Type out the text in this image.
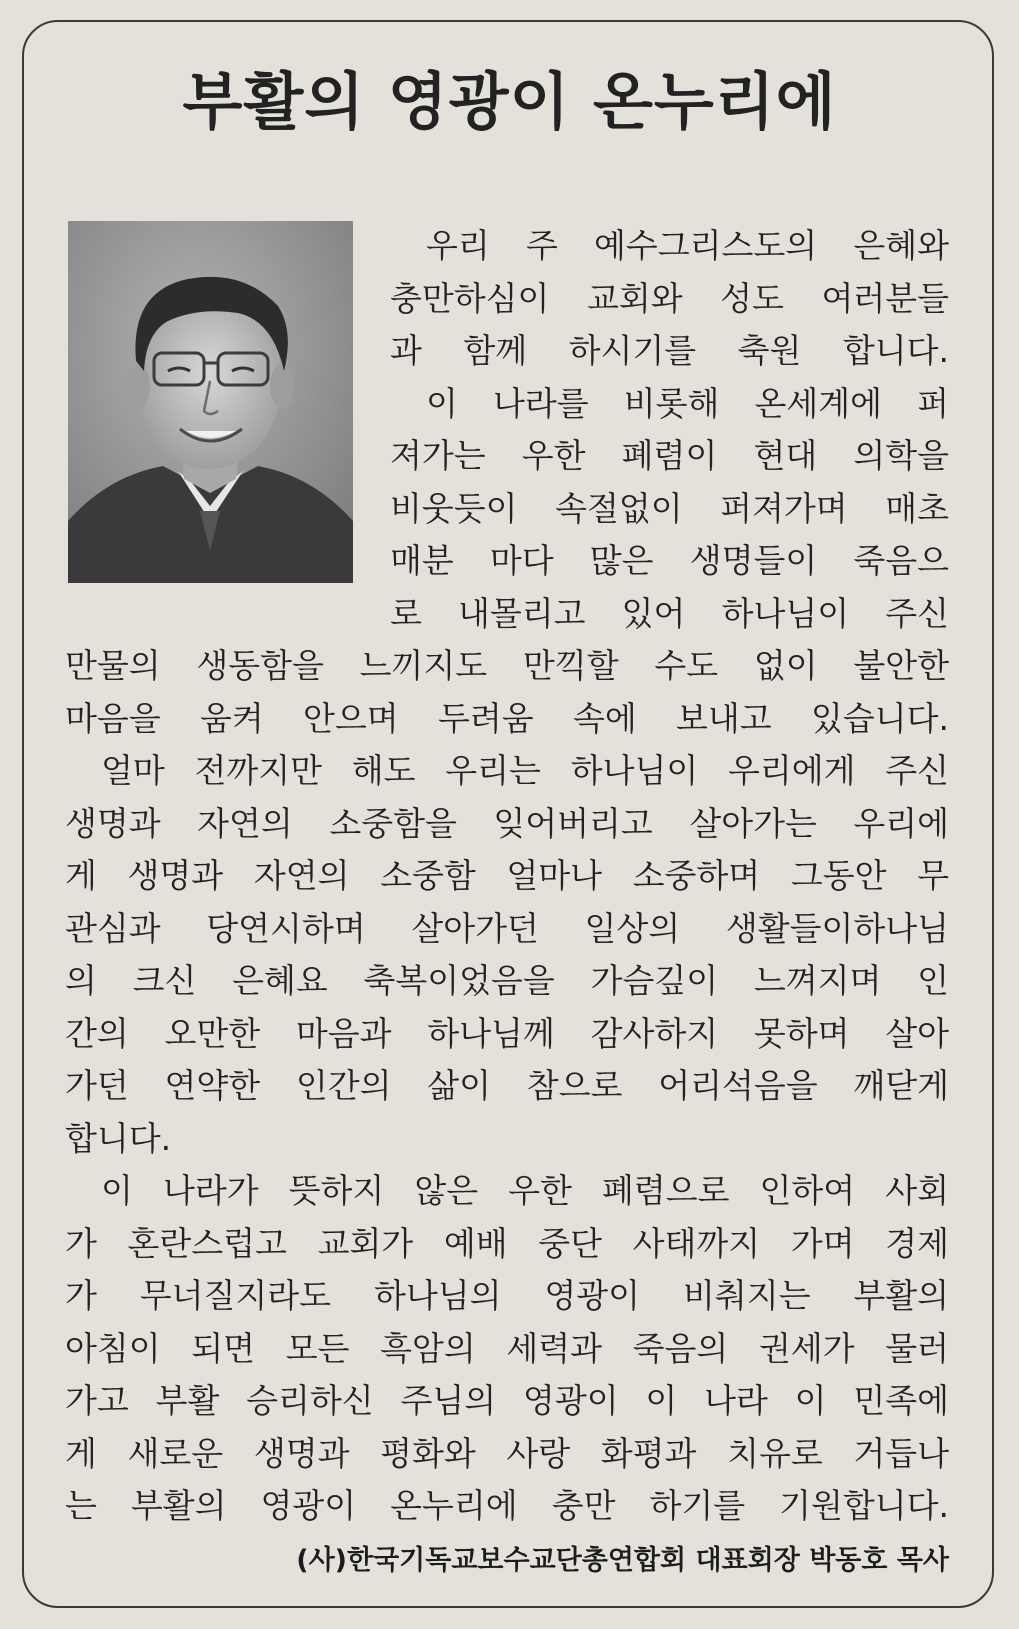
부활의 영광이 온누리에
우리 주 예수그리스도의 은혜와
충만하심이 교회와 성도 여러분들
과 함께 하시기를 축원 합니다.
이 나라를 비롯해 온세계에 퍼
져가는 우한 폐렴이 현대 의학을
비웃듯이 속절없이 퍼져가며 매초
매분 마다 많은 생명들이 죽음으
로 내몰리고 있어 하나님이 주신
만물의 생동함을 느끼지도 만끽할 수도 없이 불안한
마음을 움켜 안으며 두려움 속에 보내고 있습니다.
얼마 전까지만 해도 우리는 하나님이 우리에게 주신
생명과 자연의 소중함을 잊어버리고 살아가는 우리에
게 생명과 자연의 소중함 얼마나 소중하며 그동안 무
관심과 당연시하며 살아가던 일상의 생활들이하나님
의 크신 은혜요 축복이었음을 가슴깊이 느껴지며 인
간의 오만한 마음과 하나님께 감사하지 못하며 살아
가던 연약한 인간의 삶이 참으로 어리석음을 깨닫게
합니다.
이 나라가 뜻하지 않은 우한 폐렴으로 인하여 사회
가 혼란스럽고 교회가 예배 중단 사태까지 가며 경제
가 무너질지라도 하나님의 영광이 비춰지는 부활의
아침이 되면 모든 흑암의 세력과 죽음의 권세가 물러
가고 부활 승리하신 주님의 영광이 이 나라 이 민족에
게 새로운 생명과 평화와 사랑 화평과 치유로 거듭나
는 부활의 영광이 온누리에 충만 하기를 기원합니다.
(사)한국기독교보수교단총연합회 대표회장 박동호 목사
